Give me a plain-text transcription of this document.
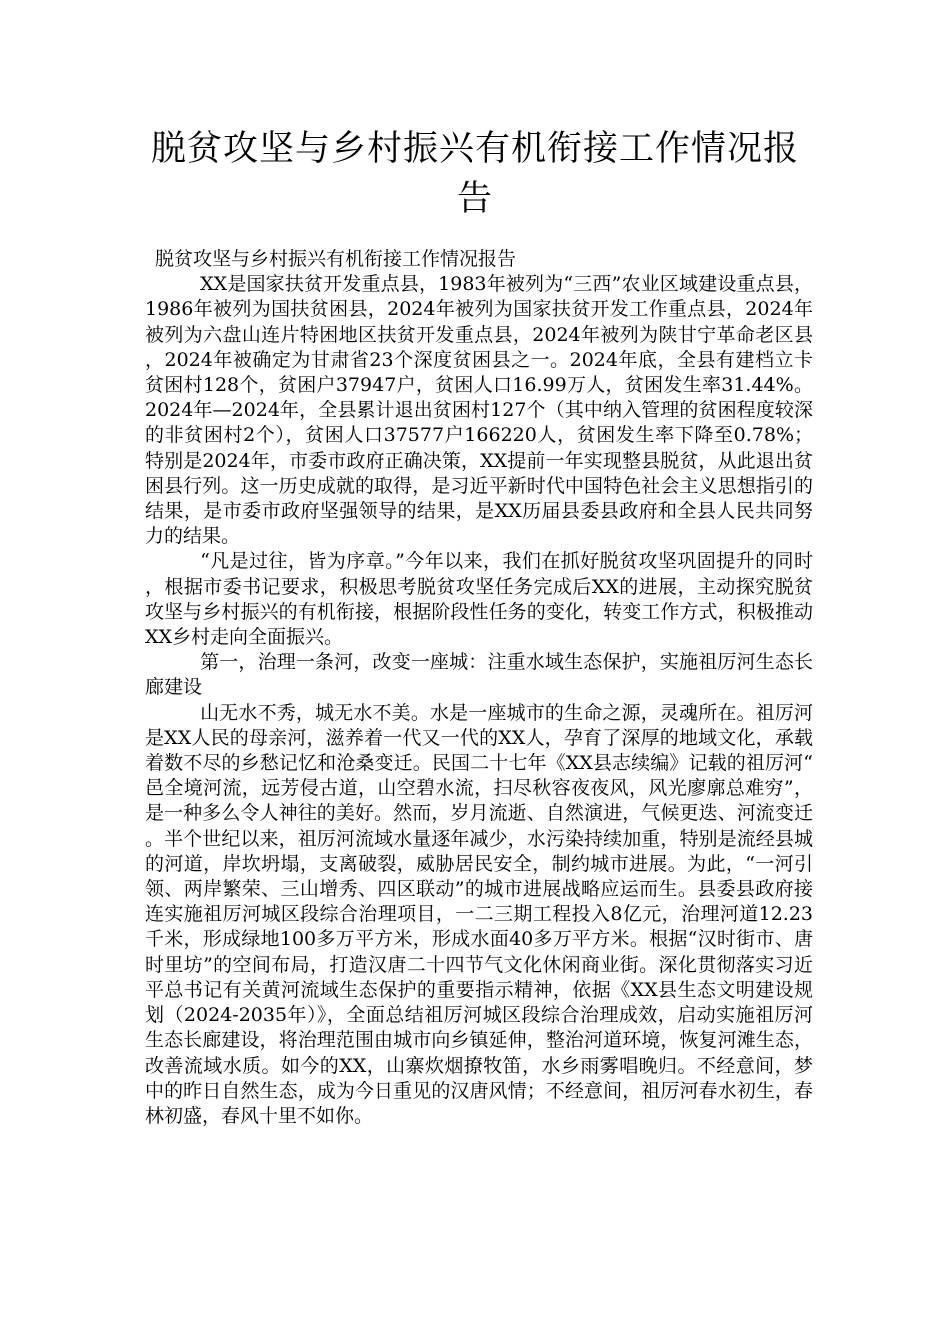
脱贫攻坚与乡村振兴有机衔接工作情况报告

脱贫攻坚与乡村振兴有机衔接工作情况报告

XX是国家扶贫开发重点县，1983年被列为“三西”农业区域建设重点县，1986年被列为国扶贫困县，2024年被列为国家扶贫开发工作重点县，2024年被列为六盘山连片特困地区扶贫开发重点县，2024年被列为陕甘宁革命老区县，2024年被确定为甘肃省23个深度贫困县之一。2024年底，全县有建档立卡贫困村128个，贫困户37947户，贫困人口16.99万人，贫困发生率31.44%。2024年—2024年，全县累计退出贫困村127个（其中纳入管理的贫困程度较深的非贫困村2个），贫困人口37577户166220人，贫困发生率下降至0.78%；特别是2024年，市委市政府正确决策，XX提前一年实现整县脱贫，从此退出贫困县行列。这一历史成就的取得，是习近平新时代中国特色社会主义思想指引的结果，是市委市政府坚强领导的结果，是XX历届县委县政府和全县人民共同努力的结果。

“凡是过往，皆为序章。”今年以来，我们在抓好脱贫攻坚巩固提升的同时，根据市委书记要求，积极思考脱贫攻坚任务完成后XX的进展，主动探究脱贫攻坚与乡村振兴的有机衔接，根据阶段性任务的变化，转变工作方式，积极推动XX乡村走向全面振兴。

第一，治理一条河，改变一座城：注重水域生态保护，实施祖厉河生态长廊建设

山无水不秀，城无水不美。水是一座城市的生命之源，灵魂所在。祖厉河是XX人民的母亲河，滋养着一代又一代的XX人，孕育了深厚的地域文化，承载着数不尽的乡愁记忆和沧桑变迁。民国二十七年《XX县志续编》记载的祖厉河“邑全境河流，远芳侵古道，山空碧水流，扫尽秋容夜夜风，风光廖廓总难穷”，是一种多么令人神往的美好。然而，岁月流逝、自然演进，气候更迭、河流变迁。半个世纪以来，祖厉河流域水量逐年减少，水污染持续加重，特别是流经县城的河道，岸坎坍塌，支离破裂，威胁居民安全，制约城市进展。为此，“一河引领、两岸繁荣、三山增秀、四区联动”的城市进展战略应运而生。县委县政府接连实施祖厉河城区段综合治理项目，一二三期工程投入8亿元，治理河道12.23千米，形成绿地100多万平方米，形成水面40多万平方米。根据“汉时街市、唐时里坊”的空间布局，打造汉唐二十四节气文化休闲商业街。深化贯彻落实习近平总书记有关黄河流域生态保护的重要指示精神，依据《XX县生态文明建设规划（2024-2035年）》，全面总结祖厉河城区段综合治理成效，启动实施祖厉河生态长廊建设，将治理范围由城市向乡镇延伸，整治河道环境，恢复河滩生态，改善流域水质。如今的XX，山寨炊烟撩牧笛，水乡雨雾唱晚归。不经意间，梦中的昨日自然生态，成为今日重见的汉唐风情；不经意间，祖厉河春水初生，春林初盛，春风十里不如你。
